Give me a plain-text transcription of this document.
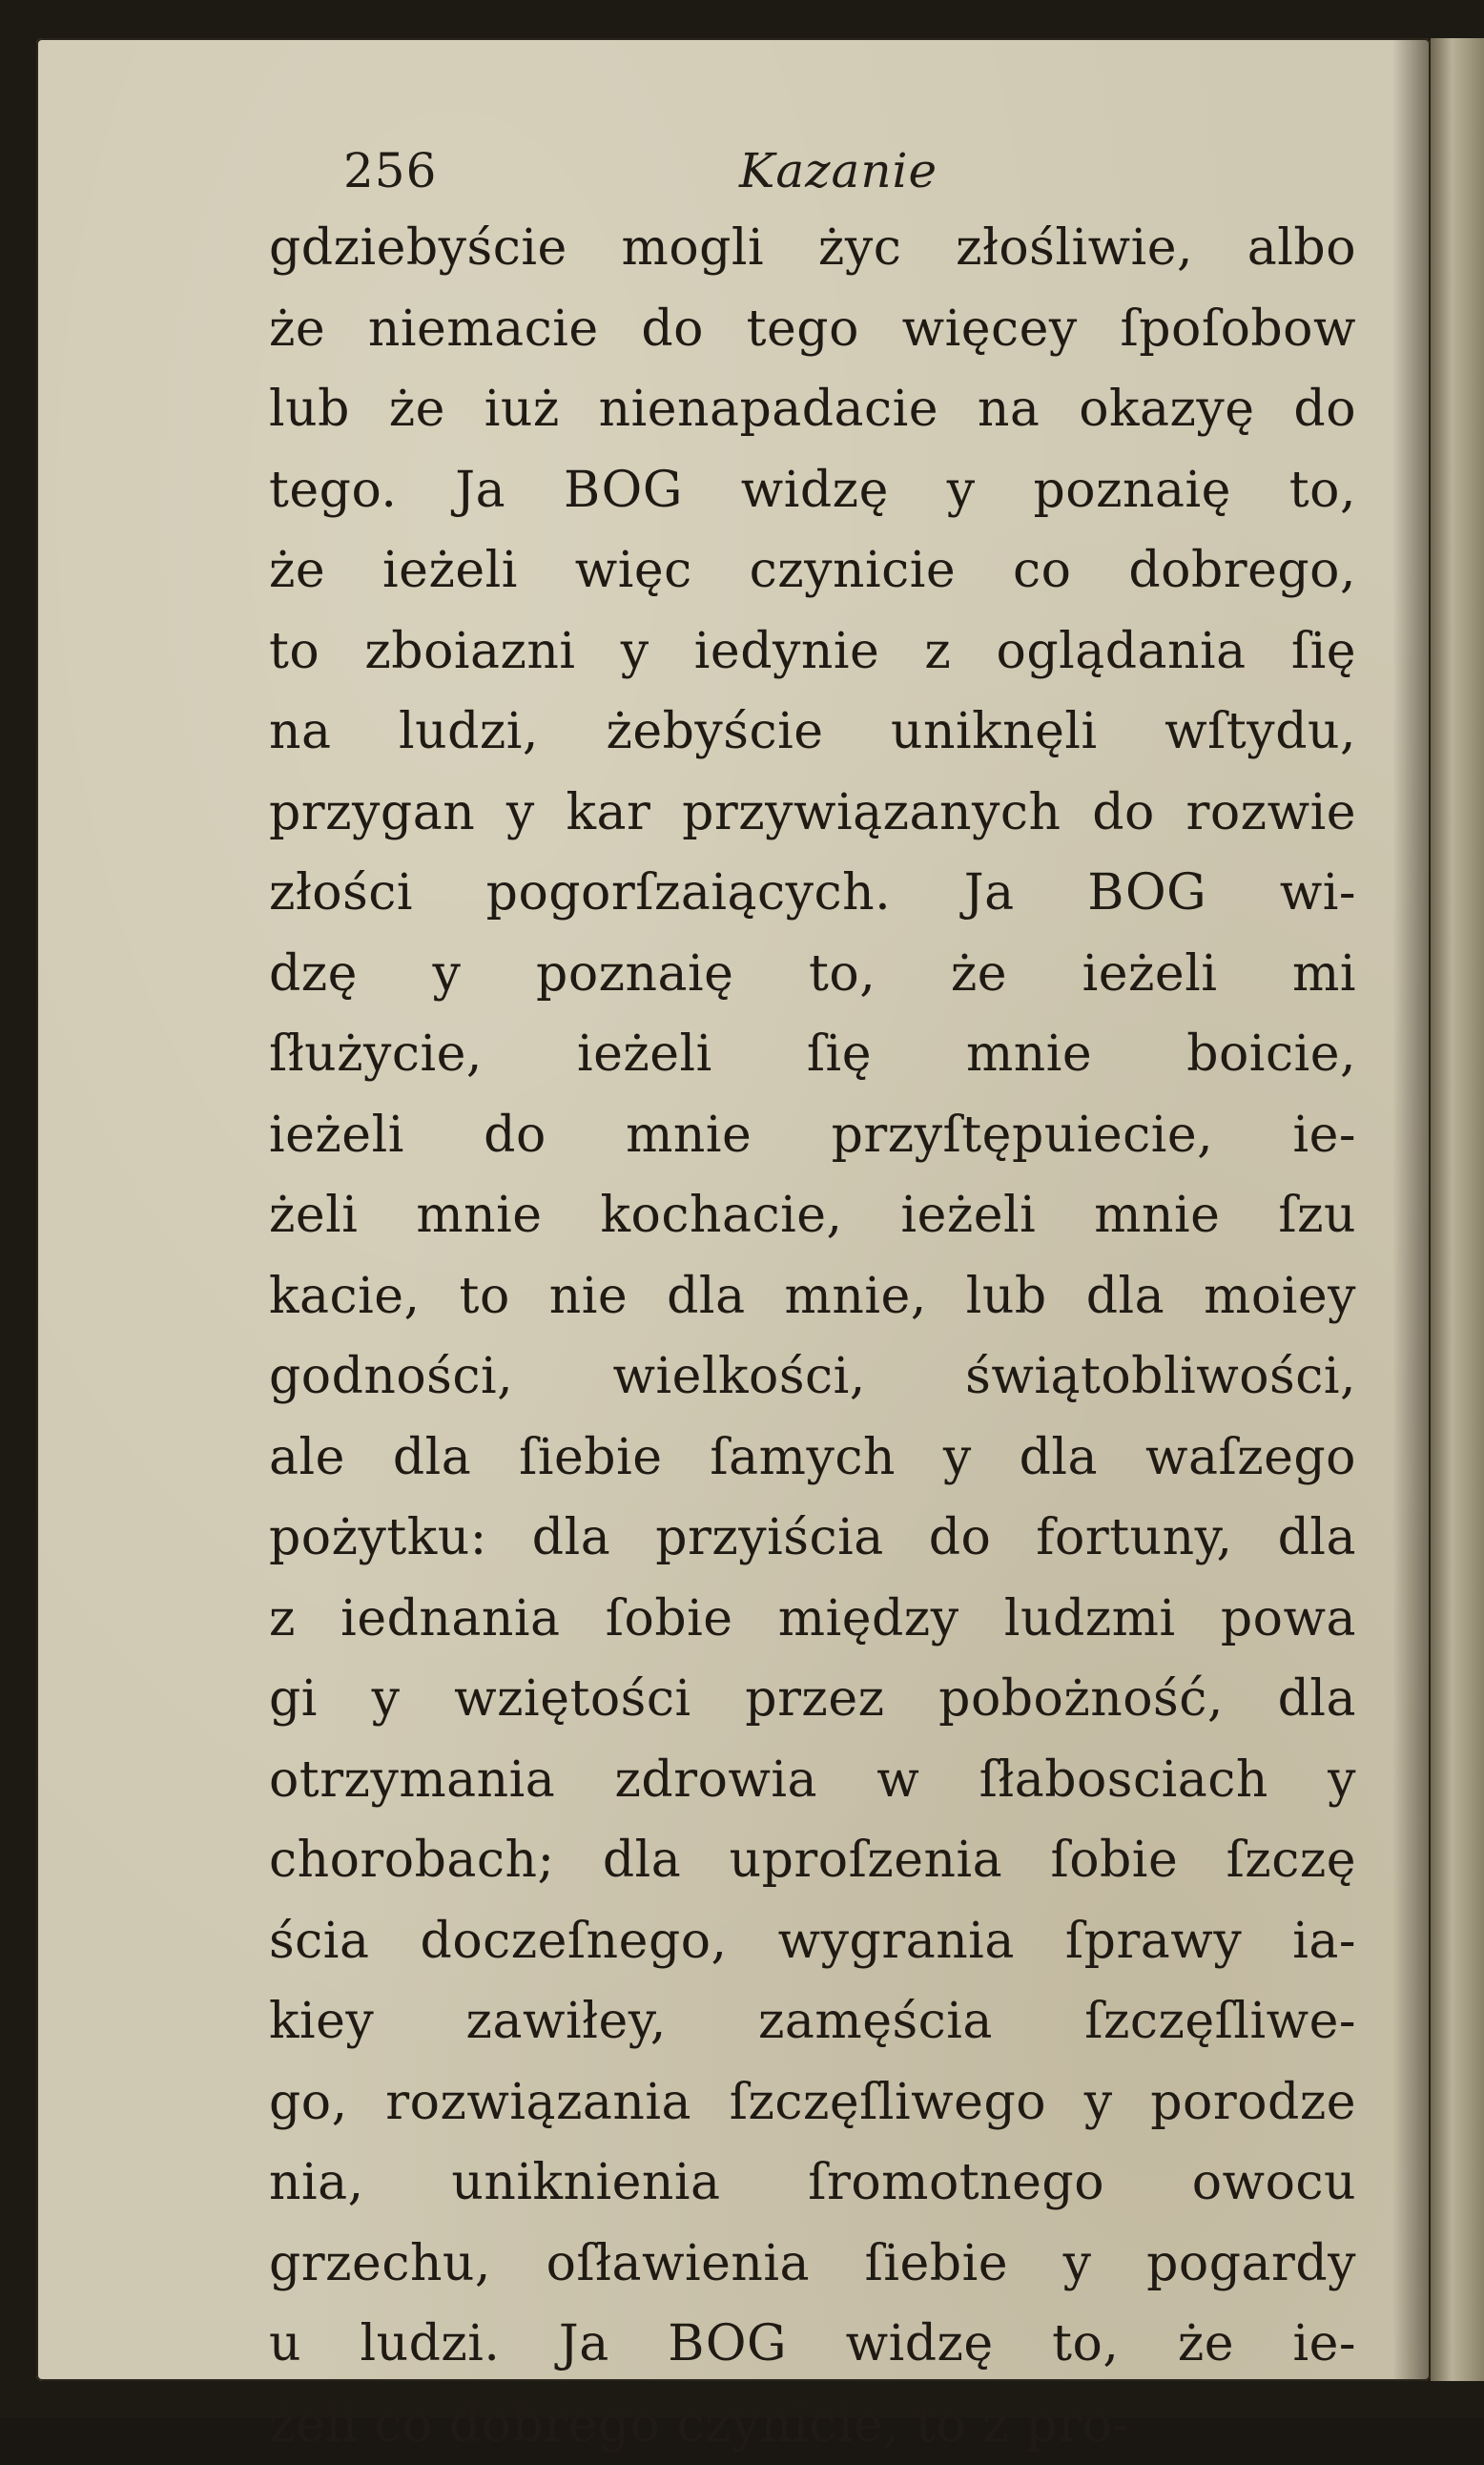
256	Kazanie
gdziebyście mogli życ złośliwie, albo
że niemacie do tego więcey ſpoſobow
lub że iuż nienapadacie na okazyę do
tego. Ja BOG widzę y poznaię to,
że ieżeli więc czynicie co dobrego,
to zboiazni y iedynie z oglądania ſię
na ludzi, żebyście uniknęli wſtydu,
przygan y kar przywiązanych do rozwie
złości pogorſzaiących. Ja BOG wi-
dzę y poznaię to, że ieżeli mi
ſłużycie, ieżeli ſię mnie boicie,
ieżeli do mnie przyſtępuiecie, ie-
żeli mnie kochacie, ieżeli mnie ſzu
kacie, to nie dla mnie, lub dla moiey
godności, wielkości, świątobliwości,
ale dla ſiebie ſamych y dla waſzego
pożytku: dla przyiścia do fortuny, dla
z iednania ſobie między ludzmi powa
gi y wziętości przez pobożność, dla
otrzymania zdrowia w ſłabosciach y
chorobach; dla uproſzenia ſobie ſzczę
ścia doczeſnego, wygrania ſprawy ia-
kiey zawiłey, zamęścia ſzczęſliwe-
go, rozwiązania ſzczęſliwego y porodze
nia, uniknienia ſromotnego owocu
grzechu, oſławienia ſiebie y pogardy
u ludzi. Ja BOG widzę to, że ie-
żeli co dobrego czynicie, to z pro-
